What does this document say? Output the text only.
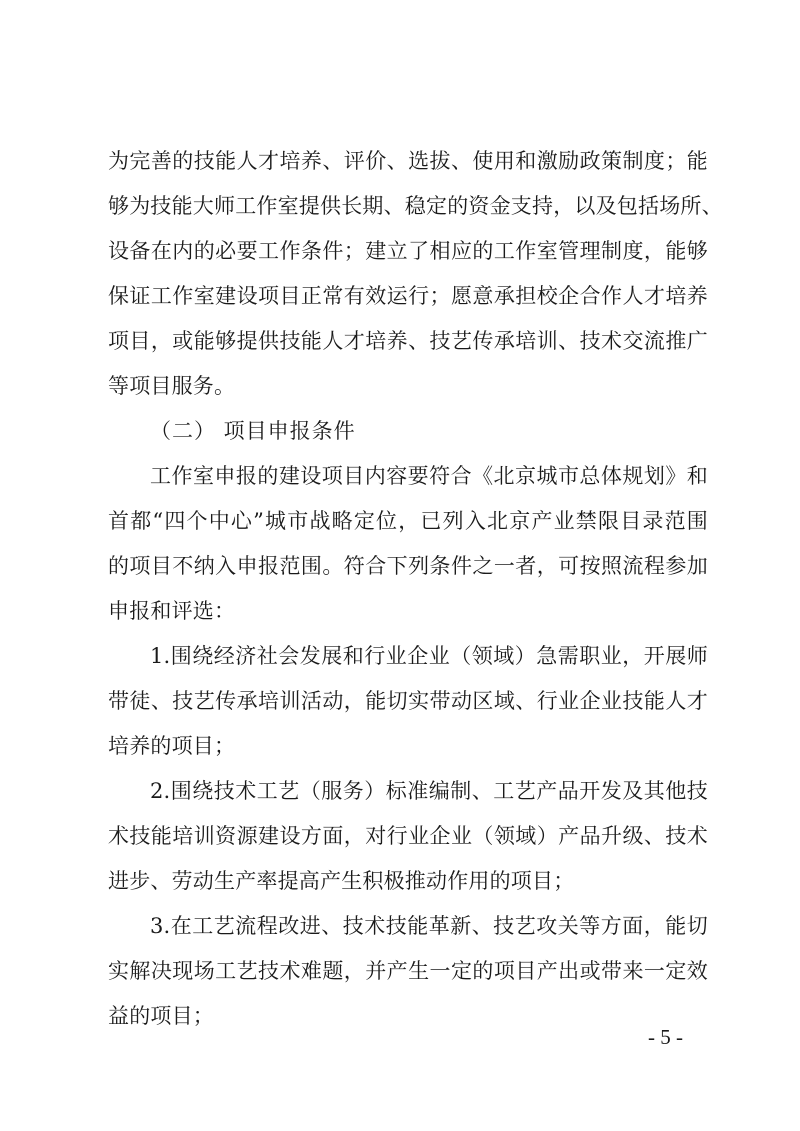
为完善的技能人才培养、评价、选拔、使用和激励政策制度；能
够为技能大师工作室提供长期、稳定的资金支持，以及包括场所、
设备在内的必要工作条件；建立了相应的工作室管理制度，能够
保证工作室建设项目正常有效运行；愿意承担校企合作人才培养
项目，或能够提供技能人才培养、技艺传承培训、技术交流推广
等项目服务。
（二） 项目申报条件
工作室申报的建设项目内容要符合《北京城市总体规划》和
首都“四个中心”城市战略定位，已列入北京产业禁限目录范围
的项目不纳入申报范围。符合下列条件之一者，可按照流程参加
申报和评选：
1.围绕经济社会发展和行业企业（领域）急需职业，开展师
带徒、技艺传承培训活动，能切实带动区域、行业企业技能人才
培养的项目；
2.围绕技术工艺（服务）标准编制、工艺产品开发及其他技
术技能培训资源建设方面，对行业企业（领域）产品升级、技术
进步、劳动生产率提高产生积极推动作用的项目；
3.在工艺流程改进、技术技能革新、技艺攻关等方面，能切
实解决现场工艺技术难题，并产生一定的项目产出或带来一定效
益的项目；
- 5 -
